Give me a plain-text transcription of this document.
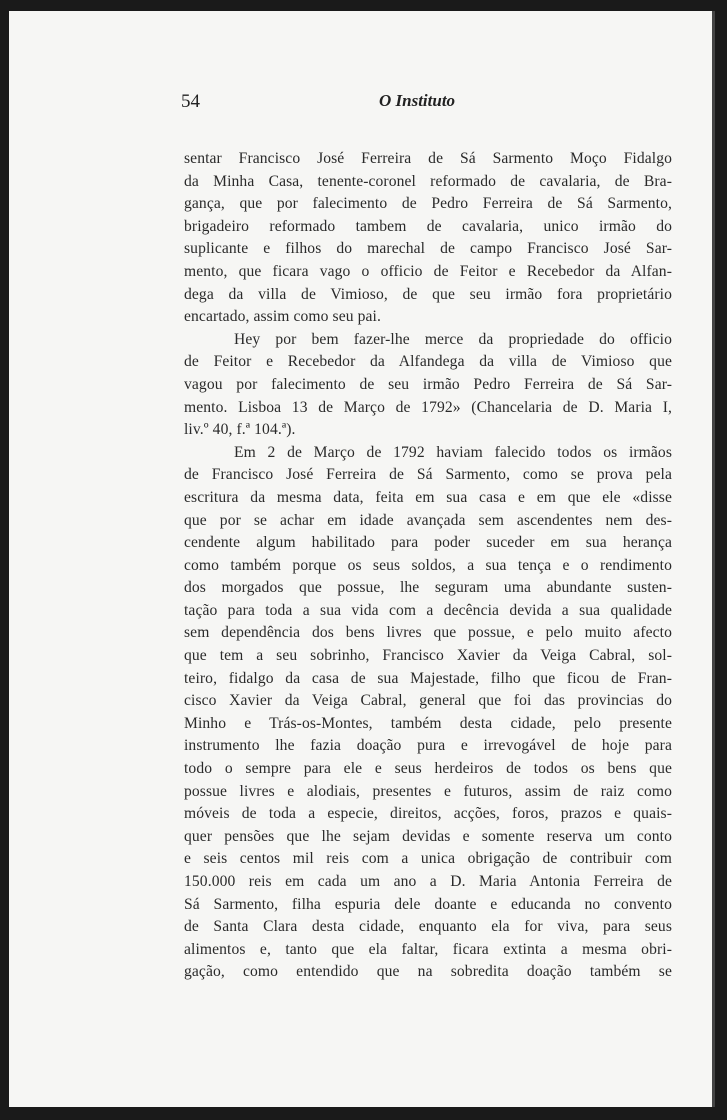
54	O Instituto
sentar Francisco José Ferreira de Sá Sarmento Moço Fidalgo
da Minha Casa, tenente-coronel reformado de cavalaria, de Bra-
gança, que por falecimento de Pedro Ferreira de Sá Sarmento,
brigadeiro reformado tambem de cavalaria, unico irmão do
suplicante e filhos do marechal de campo Francisco José Sar-
mento, que ficara vago o officio de Feitor e Recebedor da Alfan-
dega da villa de Vimioso, de que seu irmão fora proprietário
encartado, assim como seu pai.
Hey por bem fazer-lhe merce da propriedade do officio
de Feitor e Recebedor da Alfandega da villa de Vimioso que
vagou por falecimento de seu irmão Pedro Ferreira de Sá Sar-
mento. Lisboa 13 de Março de 1792» (Chancelaria de D. Maria I,
liv.º 40, f.ª 104.ª).
Em 2 de Março de 1792 haviam falecido todos os irmãos
de Francisco José Ferreira de Sá Sarmento, como se prova pela
escritura da mesma data, feita em sua casa e em que ele «disse
que por se achar em idade avançada sem ascendentes nem des-
cendente algum habilitado para poder suceder em sua herança
como também porque os seus soldos, a sua tença e o rendimento
dos morgados que possue, lhe seguram uma abundante susten-
tação para toda a sua vida com a decência devida a sua qualidade
sem dependência dos bens livres que possue, e pelo muito afecto
que tem a seu sobrinho, Francisco Xavier da Veiga Cabral, sol-
teiro, fidalgo da casa de sua Majestade, filho que ficou de Fran-
cisco Xavier da Veiga Cabral, general que foi das provincias do
Minho e Trás-os-Montes, também desta cidade, pelo presente
instrumento lhe fazia doação pura e irrevogável de hoje para
todo o sempre para ele e seus herdeiros de todos os bens que
possue livres e alodiais, presentes e futuros, assim de raiz como
móveis de toda a especie, direitos, acções, foros, prazos e quais-
quer pensões que lhe sejam devidas e somente reserva um conto
e seis centos mil reis com a unica obrigação de contribuir com
150.000 reis em cada um ano a D. Maria Antonia Ferreira de
Sá Sarmento, filha espuria dele doante e educanda no convento
de Santa Clara desta cidade, enquanto ela for viva, para seus
alimentos e, tanto que ela faltar, ficara extinta a mesma obri-
gação, como entendido que na sobredita doação também se
